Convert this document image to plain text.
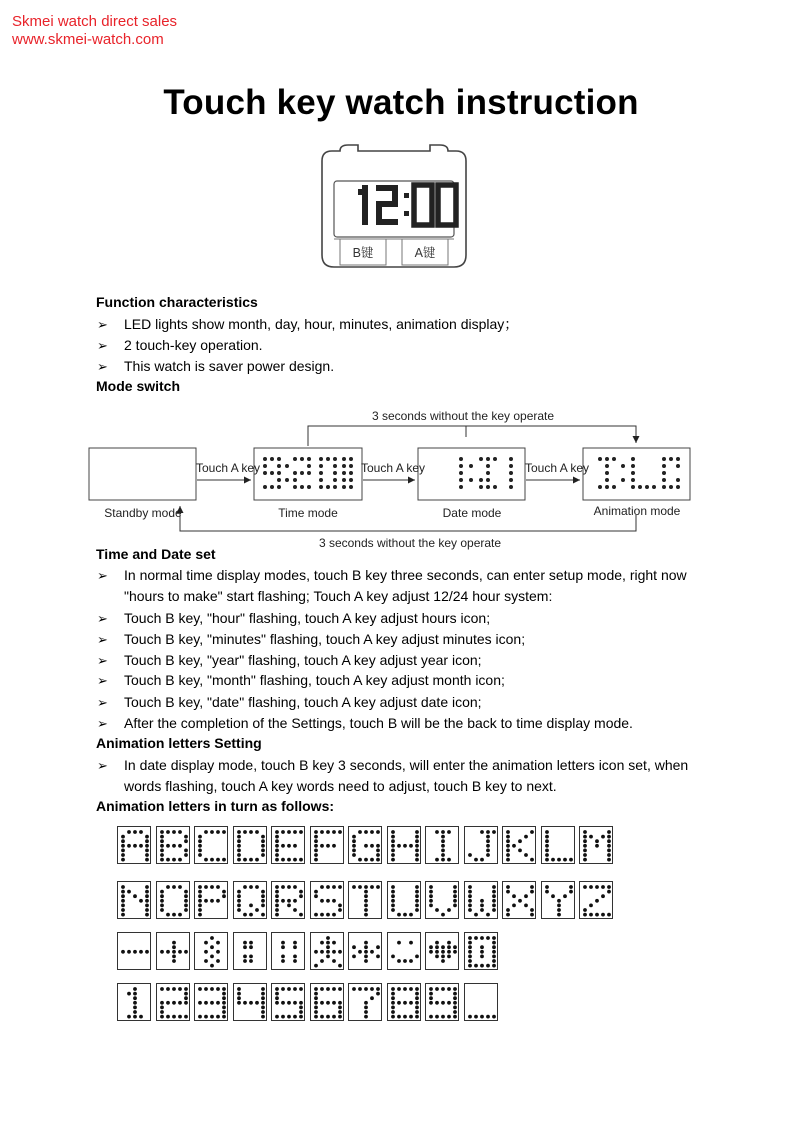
Skmei watch direct sales
www.skmei-watch.com
Touch key watch instruction
B键	A键
Function characteristics
➢ LED lights show month, day, hour, minutes, animation display；
➢ 2 touch-key operation.
➢ This watch is saver power design.
Mode switch
3 seconds without the key operate
Touch A key	Touch A key	Touch A key
Standby mode	Time mode	Date mode	Animation mode
3 seconds without the key operate
Time and Date set
➢ In normal time display modes, touch B key three seconds, can enter setup mode, right now "hours to make" start flashing; Touch A key adjust 12/24 hour system:
➢ Touch B key, "hour" flashing, touch A key adjust hours icon;
➢ Touch B key, "minutes" flashing, touch A key adjust minutes icon;
➢ Touch B key, "year" flashing, touch A key adjust year icon;
➢ Touch B key, "month" flashing, touch A key adjust month icon;
➢ Touch B key, "date" flashing, touch A key adjust date icon;
➢ After the completion of the Settings, touch B will be the back to time display mode.
Animation letters Setting
➢ In date display mode, touch B key 3 seconds, will enter the animation letters icon set, when words flashing, touch A key words need to adjust, touch B key to next.
Animation letters in turn as follows:
